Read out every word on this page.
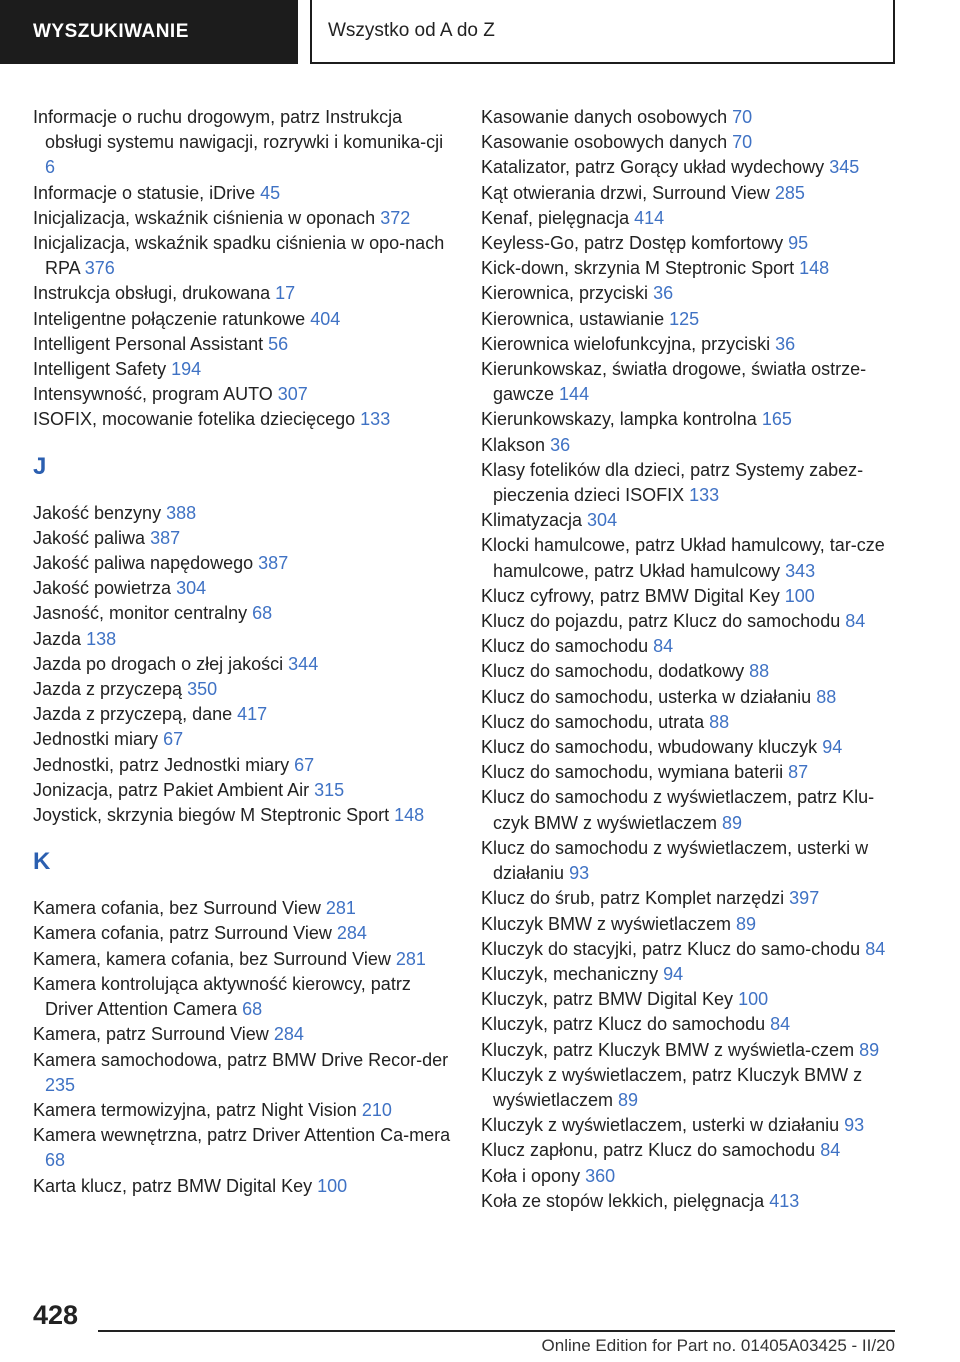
WYSZUKIWANIE	Wszystko od A do Z
Informacje o ruchu drogowym, patrz Instrukcja obsługi systemu nawigacji, rozrywki i komunika-cji 6
Informacje o statusie, iDrive 45
Inicjalizacja, wskaźnik ciśnienia w oponach 372
Inicjalizacja, wskaźnik spadku ciśnienia w opo-nach RPA 376
Instrukcja obsługi, drukowana 17
Inteligentne połączenie ratunkowe 404
Intelligent Personal Assistant 56
Intelligent Safety 194
Intensywność, program AUTO 307
ISOFIX, mocowanie fotelika dziecięcego 133
J
Jakość benzyny 388
Jakość paliwa 387
Jakość paliwa napędowego 387
Jakość powietrza 304
Jasność, monitor centralny 68
Jazda 138
Jazda po drogach o złej jakości 344
Jazda z przyczepą 350
Jazda z przyczepą, dane 417
Jednostki miary 67
Jednostki, patrz Jednostki miary 67
Jonizacja, patrz Pakiet Ambient Air 315
Joystick, skrzynia biegów M Steptronic Sport 148
K
Kamera cofania, bez Surround View 281
Kamera cofania, patrz Surround View 284
Kamera, kamera cofania, bez Surround View 281
Kamera kontrolująca aktywność kierowcy, patrz Driver Attention Camera 68
Kamera, patrz Surround View 284
Kamera samochodowa, patrz BMW Drive Recor-der 235
Kamera termowizyjna, patrz Night Vision 210
Kamera wewnętrzna, patrz Driver Attention Ca-mera 68
Karta klucz, patrz BMW Digital Key 100
Kasowanie danych osobowych 70
Kasowanie osobowych danych 70
Katalizator, patrz Gorący układ wydechowy 345
Kąt otwierania drzwi, Surround View 285
Kenaf, pielęgnacja 414
Keyless-Go, patrz Dostęp komfortowy 95
Kick-down, skrzynia M Steptronic Sport 148
Kierownica, przyciski 36
Kierownica, ustawianie 125
Kierownica wielofunkcyjna, przyciski 36
Kierunkowskaz, światła drogowe, światła ostrze-gawcze 144
Kierunkowskazy, lampka kontrolna 165
Klakson 36
Klasy fotelików dla dzieci, patrz Systemy zabez-pieczenia dzieci ISOFIX 133
Klimatyzacja 304
Klocki hamulcowe, patrz Układ hamulcowy, tar-cze hamulcowe, patrz Układ hamulcowy 343
Klucz cyfrowy, patrz BMW Digital Key 100
Klucz do pojazdu, patrz Klucz do samochodu 84
Klucz do samochodu 84
Klucz do samochodu, dodatkowy 88
Klucz do samochodu, usterka w działaniu 88
Klucz do samochodu, utrata 88
Klucz do samochodu, wbudowany kluczyk 94
Klucz do samochodu, wymiana baterii 87
Klucz do samochodu z wyświetlaczem, patrz Klu-czyk BMW z wyświetlaczem 89
Klucz do samochodu z wyświetlaczem, usterki w działaniu 93
Klucz do śrub, patrz Komplet narzędzi 397
Kluczyk BMW z wyświetlaczem 89
Kluczyk do stacyjki, patrz Klucz do samo-chodu 84
Kluczyk, mechaniczny 94
Kluczyk, patrz BMW Digital Key 100
Kluczyk, patrz Klucz do samochodu 84
Kluczyk, patrz Kluczyk BMW z wyświetla-czem 89
Kluczyk z wyświetlaczem, patrz Kluczyk BMW z wyświetlaczem 89
Kluczyk z wyświetlaczem, usterki w działaniu 93
Klucz zapłonu, patrz Klucz do samochodu 84
Koła i opony 360
Koła ze stopów lekkich, pielęgnacja 413
428
Online Edition for Part no. 01405A03425 - II/20
